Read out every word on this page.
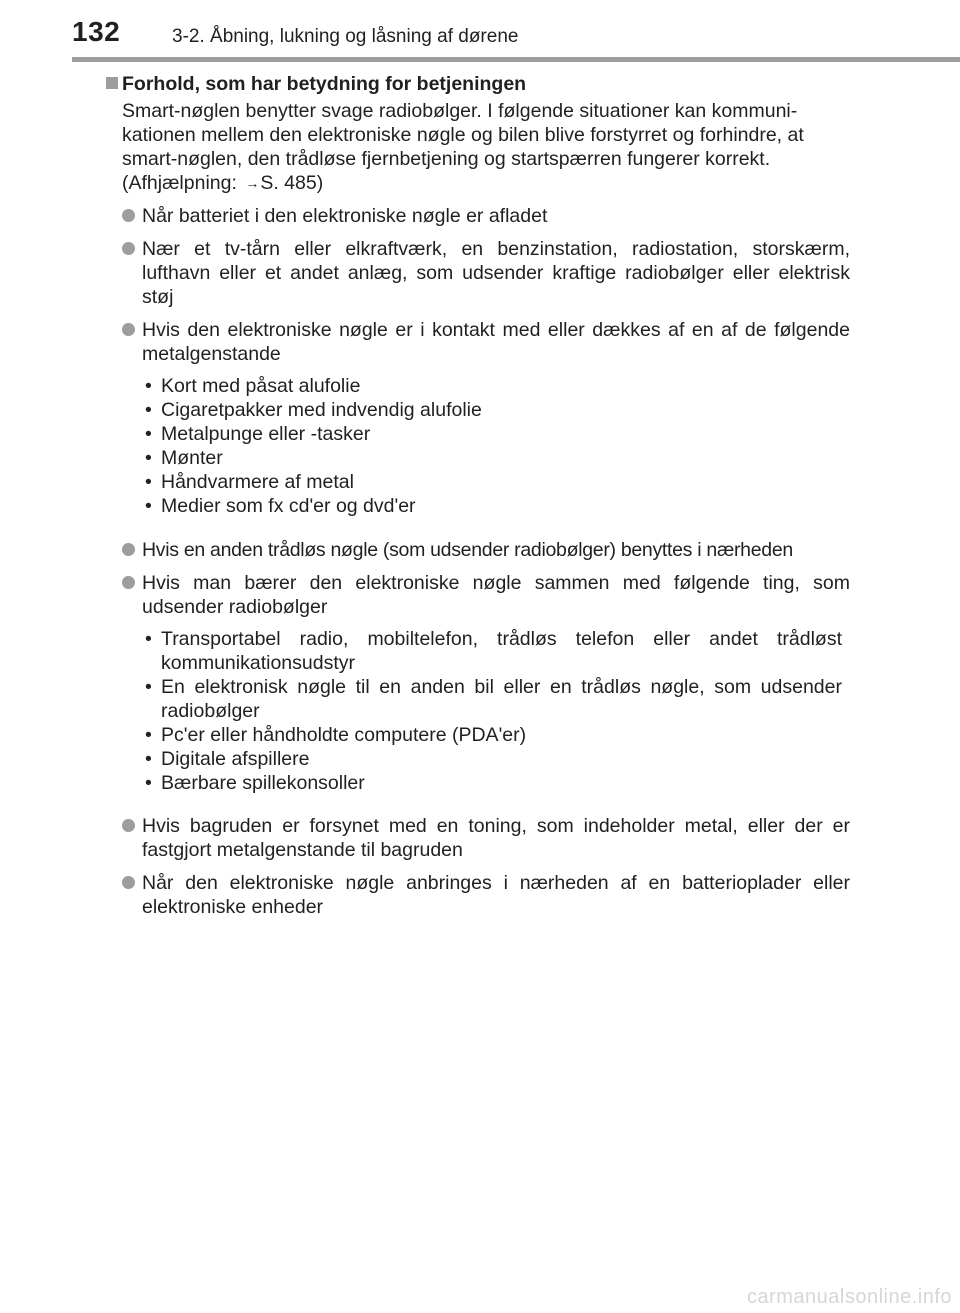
132	3-2. Åbning, lukning og låsning af dørene
Forhold, som har betydning for betjeningen
Smart-nøglen benytter svage radiobølger. I følgende situationer kan kommuni-kationen mellem den elektroniske nøgle og bilen blive forstyrret og forhindre, at smart-nøglen, den trådløse fjernbetjening og startspærren fungerer korrekt. (Afhjælpning: →S. 485)
Når batteriet i den elektroniske nøgle er afladet
Nær et tv-tårn eller elkraftværk, en benzinstation, radiostation, storskærm, lufthavn eller et andet anlæg, som udsender kraftige radiobølger eller elektrisk støj
Hvis den elektroniske nøgle er i kontakt med eller dækkes af en af de følgende metalgenstande
• Kort med påsat alufolie
• Cigaretpakker med indvendig alufolie
• Metalpunge eller -tasker
• Mønter
• Håndvarmere af metal
• Medier som fx cd'er og dvd'er
Hvis en anden trådløs nøgle (som udsender radiobølger) benyttes i nærheden
Hvis man bærer den elektroniske nøgle sammen med følgende ting, som udsender radiobølger
• Transportabel radio, mobiltelefon, trådløs telefon eller andet trådløst kommunikationsudstyr
• En elektronisk nøgle til en anden bil eller en trådløs nøgle, som udsender radiobølger
• Pc'er eller håndholdte computere (PDA'er)
• Digitale afspillere
• Bærbare spillekonsoller
Hvis bagruden er forsynet med en toning, som indeholder metal, eller der er fastgjort metalgenstande til bagruden
Når den elektroniske nøgle anbringes i nærheden af en batterioplader eller elektroniske enheder
carmanualsonline.info
